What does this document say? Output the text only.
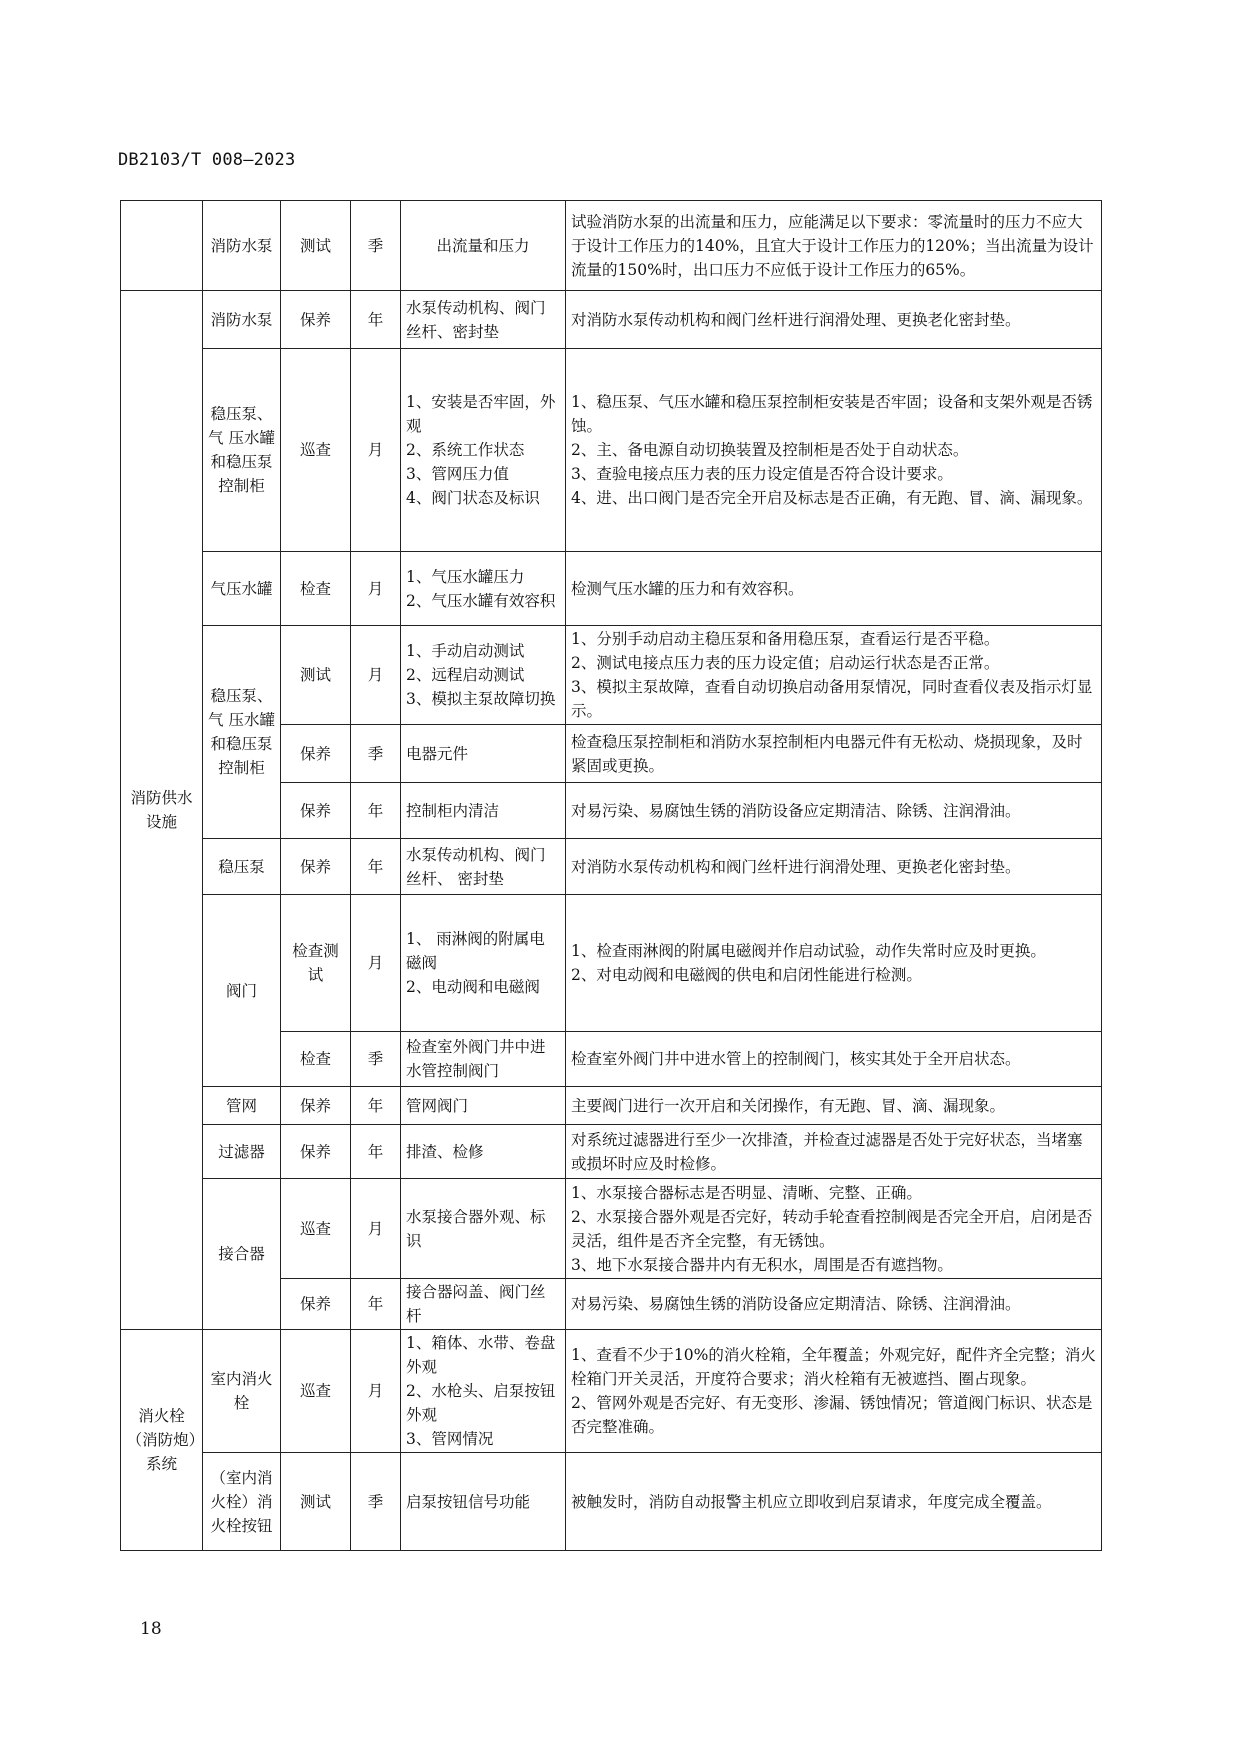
DB2103/T 008—2023
	消防水泵	测试	季	出流量和压力	试验消防水泵的出流量和压力，应能满足以下要求：零流量时的压力不应大于设计工作压力的140%，且宜大于设计工作压力的120%；当出流量为设计流量的150%时，出口压力不应低于设计工作压力的65%。
消防供水设施	消防水泵	保养	年	水泵传动机构、阀门丝杆、密封垫	对消防水泵传动机构和阀门丝杆进行润滑处理、更换老化密封垫。
	稳压泵、气 压水罐和稳压泵控制柜	巡查	月	1、安装是否牢固，外观
2、系统工作状态
3、管网压力值
4、阀门状态及标识	1、稳压泵、气压水罐和稳压泵控制柜安装是否牢固；设备和支架外观是否锈蚀。
2、主、备电源自动切换装置及控制柜是否处于自动状态。
3、查验电接点压力表的压力设定值是否符合设计要求。
4、进、出口阀门是否完全开启及标志是否正确，有无跑、冒、滴、漏现象。

	气压水罐	检查	月	1、气压水罐压力
2、气压水罐有效容积	检测气压水罐的压力和有效容积。
	稳压泵、气 压水罐和稳压泵控制柜	测试	月	1、手动启动测试
2、远程启动测试
3、模拟主泵故障切换	1、分别手动启动主稳压泵和备用稳压泵，查看运行是否平稳。
2、测试电接点压力表的压力设定值；启动运行状态是否正常。
3、模拟主泵故障，查看自动切换启动备用泵情况，同时查看仪表及指示灯显示。

		保养	季	电器元件	检查稳压泵控制柜和消防水泵控制柜内电器元件有无松动、烧损现象，及时紧固或更换。
		保养	年	控制柜内清洁	对易污染、易腐蚀生锈的消防设备应定期清洁、除锈、注润滑油。
	稳压泵	保养	年	水泵传动机构、阀门丝杆、 密封垫	对消防水泵传动机构和阀门丝杆进行润滑处理、更换老化密封垫。
	阀门	检查测试	月	1、 雨淋阀的附属电磁阀
2、电动阀和电磁阀	1、检查雨淋阀的附属电磁阀并作启动试验，动作失常时应及时更换。
2、对电动阀和电磁阀的供电和启闭性能进行检测。

		检查	季	检查室外阀门井中进水管控制阀门	检查室外阀门井中进水管上的控制阀门，核实其处于全开启状态。
	管网	保养	年	管网阀门	主要阀门进行一次开启和关闭操作，有无跑、冒、滴、漏现象。
	过滤器	保养	年	排渣、检修	对系统过滤器进行至少一次排渣，并检查过滤器是否处于完好状态，当堵塞或损坏时应及时检修。
	接合器	巡查	月	水泵接合器外观、标识	1、水泵接合器标志是否明显、清晰、完整、正确。
2、水泵接合器外观是否完好，转动手轮查看控制阀是否完全开启，启闭是否灵活，组件是否齐全完整，有无锈蚀。
3、地下水泵接合器井内有无积水，周围是否有遮挡物。

		保养	年	接合器闷盖、阀门丝杆	对易污染、易腐蚀生锈的消防设备应定期清洁、除锈、注润滑油。
消火栓（消防炮）系统	室内消火栓	巡查	月	1、箱体、水带、卷盘外观
2、水枪头、启泵按钮外观
3、管网情况	1、查看不少于10%的消火栓箱，全年覆盖；外观完好，配件齐全完整；消火栓箱门开关灵活，开度符合要求；消火栓箱有无被遮挡、圈占现象。
2、管网外观是否完好、有无变形、渗漏、锈蚀情况；管道阀门标识、状态是否完整准确。

	（室内消火栓）消火栓按钮	测试	季	启泵按钮信号功能	被触发时，消防自动报警主机应立即收到启泵请求，年度完成全覆盖。
18
